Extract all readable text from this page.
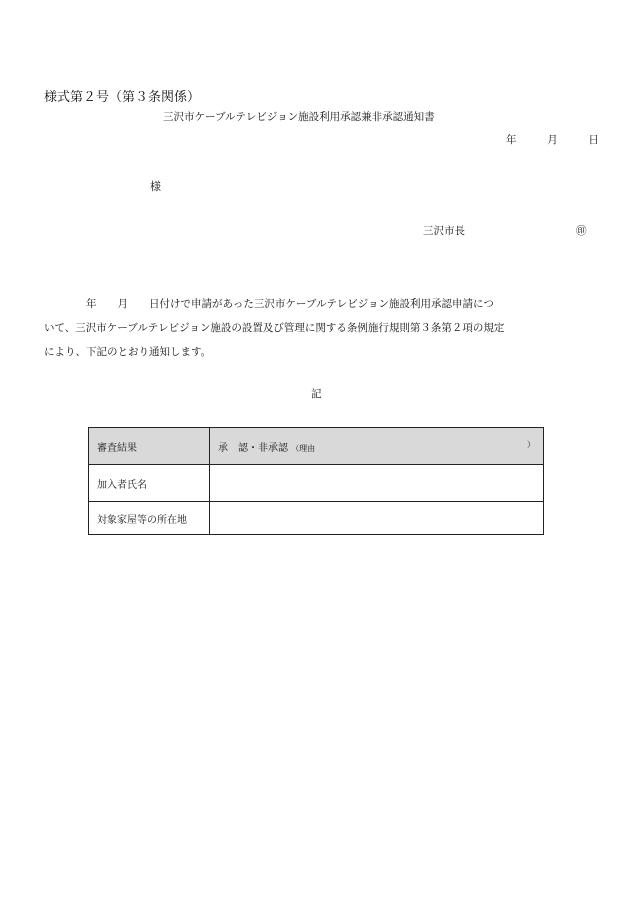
様式第２号（第３条関係）
三沢市ケーブルテレビジョン施設利用承認兼非承認通知書
年	月	日
様
三沢市長	㊞
　　　　年　　月　　日付けで申請があった三沢市ケーブルテレビジョン施設利用承認申請につ
いて、三沢市ケーブルテレビジョン施設の設置及び管理に関する条例施行規則第３条第２項の規定
により、下記のとおり通知します。
記
審査結果	承　認・非承認 （理由 ）

加入者氏名	
対象家屋等の所在地	
